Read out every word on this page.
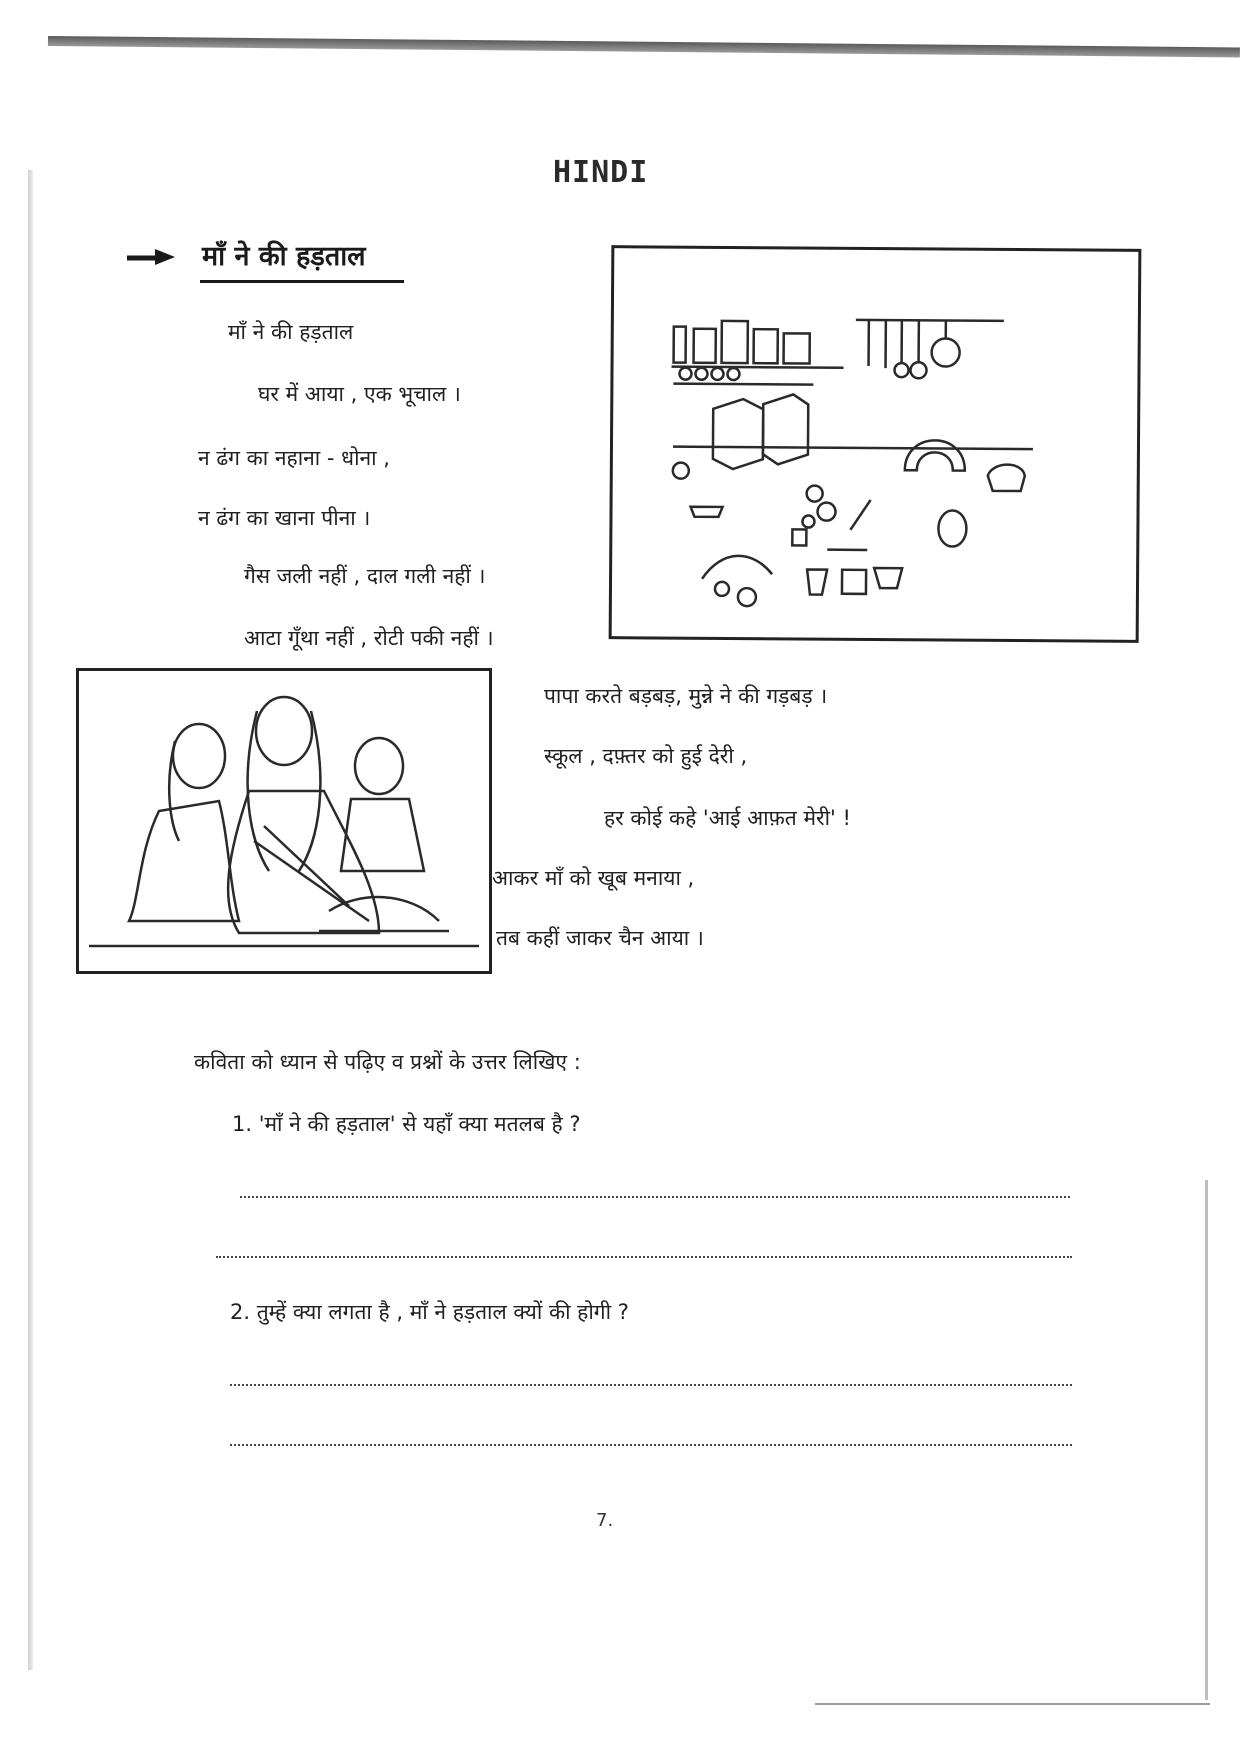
HINDI
माँ ने की हड़ताल
माँ ने की हड़ताल
घर में आया , एक भूचाल ।
न ढंग का नहाना - धोना ,
न ढंग का खाना पीना ।
गैस जली नहीं , दाल गली नहीं ।
आटा गूँथा नहीं , रोटी पकी नहीं ।
पापा करते बड़बड़, मुन्ने ने की गड़बड़ ।
स्कूल , दफ़्तर को हुई देरी ,
हर कोई कहे 'आई आफ़त मेरी' !
आकर माँ को खूब मनाया ,
तब कहीं जाकर चैन आया ।
कविता को ध्यान से पढ़िए व प्रश्नों के उत्तर लिखिए :
1. 'माँ ने की हड़ताल' से यहाँ क्या मतलब है ?
2. तुम्हें क्या लगता है , माँ ने हड़ताल क्यों की होगी ?
7.
